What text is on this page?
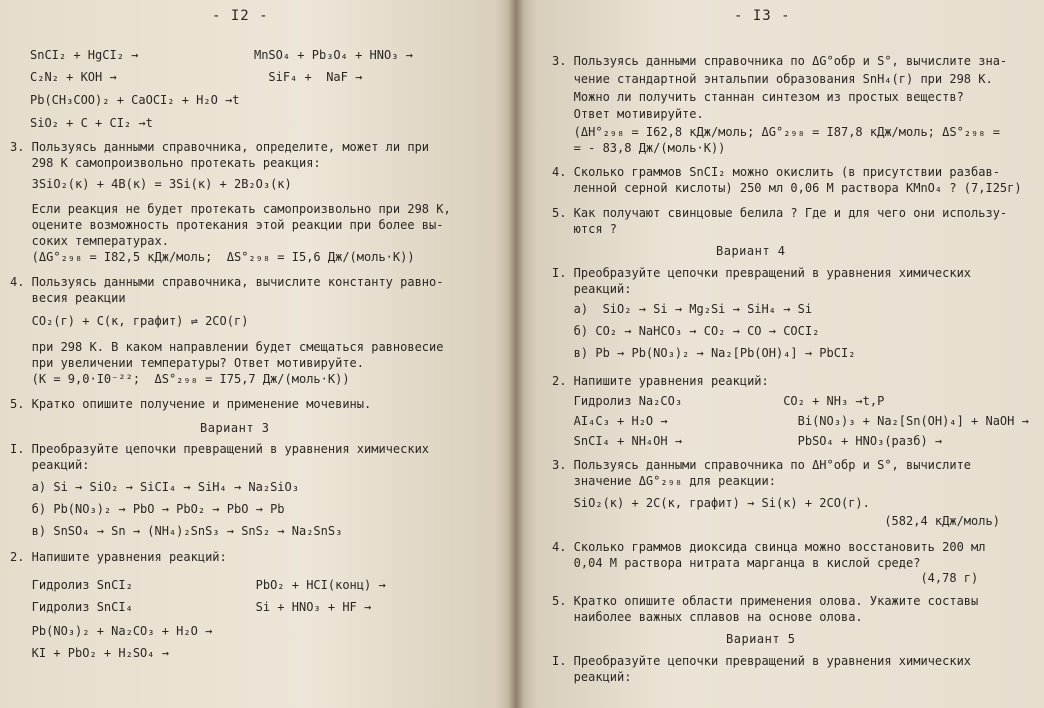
- I2 -
SnCI₂ + HgCI₂ →                MnSO₄ + Pb₃O₄ + HNO₃ →
C₂N₂ + KOH →                     SiF₄ +  NaF →
Pb(CH₃COO)₂ + CaOCI₂ + H₂O →t
SiO₂ + C + CI₂ →t
3. Пользуясь данными справочника, определите, может ли при
298 К самопроизвольно протекать реакция:
3SiO₂(к) + 4B(к) = 3Si(к) + 2B₂O₃(к)
Если реакция не будет протекать самопроизвольно при 298 К,
оцените возможность протекания этой реакции при более вы-
соких температурах.
(ΔG°₂₉₈ = I82,5 кДж/моль;  ΔS°₂₉₈ = I5,6 Дж/(моль·К))
4. Пользуясь данными справочника, вычислите константу равно-
весия реакции
CO₂(г) + C(к, графит) ⇌ 2CO(г)
при 298 К. В каком направлении будет смещаться равновесие
при увеличении температуры? Ответ мотивируйте.
(K = 9,0·I0⁻²²;  ΔS°₂₉₈ = I75,7 Дж/(моль·К))
5. Кратко опишите получение и применение мочевины.
Вариант 3
I. Преобразуйте цепочки превращений в уравнения химических
реакций:
а) Si → SiO₂ → SiCI₄ → SiH₄ → Na₂SiO₃
б) Pb(NO₃)₂ → PbO → PbO₂ → PbO → Pb
в) SnSO₄ → Sn → (NH₄)₂SnS₃ → SnS₂ → Na₂SnS₃
2. Напишите уравнения реакций:
Гидролиз SnCI₂                 PbO₂ + HCI(конц) →
Гидролиз SnCI₄                 Si + HNO₃ + HF →
Pb(NO₃)₂ + Na₂CO₃ + H₂O →
KI + PbO₂ + H₂SO₄ →
- I3 -
3. Пользуясь данными справочника по ΔG°обр и S°, вычислите зна-
чение стандартной энтальпии образования SnH₄(г) при 298 К.
Можно ли получить станнан синтезом из простых веществ?
Ответ мотивируйте.
(ΔH°₂₉₈ = I62,8 кДж/моль; ΔG°₂₉₈ = I87,8 кДж/моль; ΔS°₂₉₈ =
= - 83,8 Дж/(моль·К))
4. Сколько граммов SnCI₂ можно окислить (в присутствии разбав-
ленной серной кислоты) 250 мл 0,06 М раствора КMnO₄ ? (7,I25г)
5. Как получают свинцовые белила ? Где и для чего они использу-
ются ?
Вариант 4
I. Преобразуйте цепочки превращений в уравнения химических
реакций:
а)  SiO₂ → Si → Mg₂Si → SiH₄ → Si
б) CO₂ → NaHCO₃ → CO₂ → CO → COCI₂
в) Pb → Pb(NO₃)₂ → Na₂[Pb(OH)₄] → PbCI₂
2. Напишите уравнения реакций:
Гидролиз Na₂CO₃              CO₂ + NH₃ →t,P
AI₄C₃ + H₂O →                  Bi(NO₃)₃ + Na₂[Sn(OH)₄] + NaOH →
SnCI₄ + NH₄OH →                PbSO₄ + HNO₃(разб) →
3. Пользуясь данными справочника по ΔH°обр и S°, вычислите
значение ΔG°₂₉₈ для реакции:
SiO₂(к) + 2C(к, графит) → Si(к) + 2CO(г).
(582,4 кДж/моль)
4. Сколько граммов диоксида свинца можно восстановить 200 мл
0,04 М раствора нитрата марганца в кислой среде?
(4,78 г)
5. Кратко опишите области применения олова. Укажите составы
наиболее важных сплавов на основе олова.
Вариант 5
I. Преобразуйте цепочки превращений в уравнения химических
реакций:
